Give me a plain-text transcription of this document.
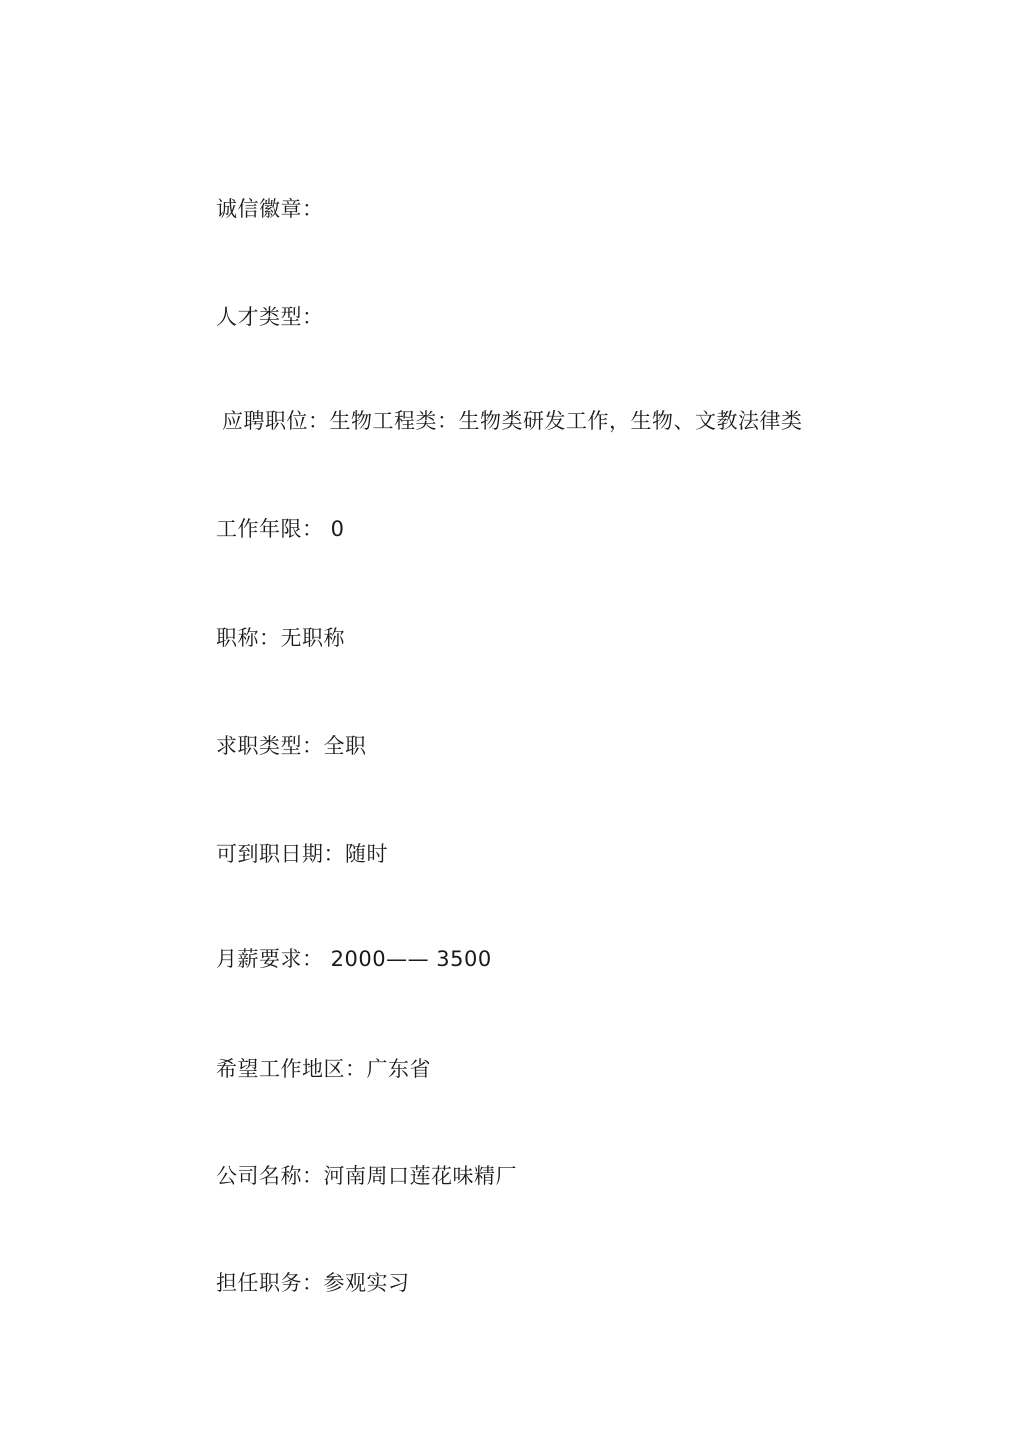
诚信徽章：
人才类型：
应聘职位：生物工程类：生物类研发工作，生物、文教法律类
工作年限： 0
职称：无职称
求职类型：全职
可到职日期：随时
月薪要求： 2000—— 3500
希望工作地区：广东省
公司名称：河南周口莲花味精厂
担任职务：参观实习
